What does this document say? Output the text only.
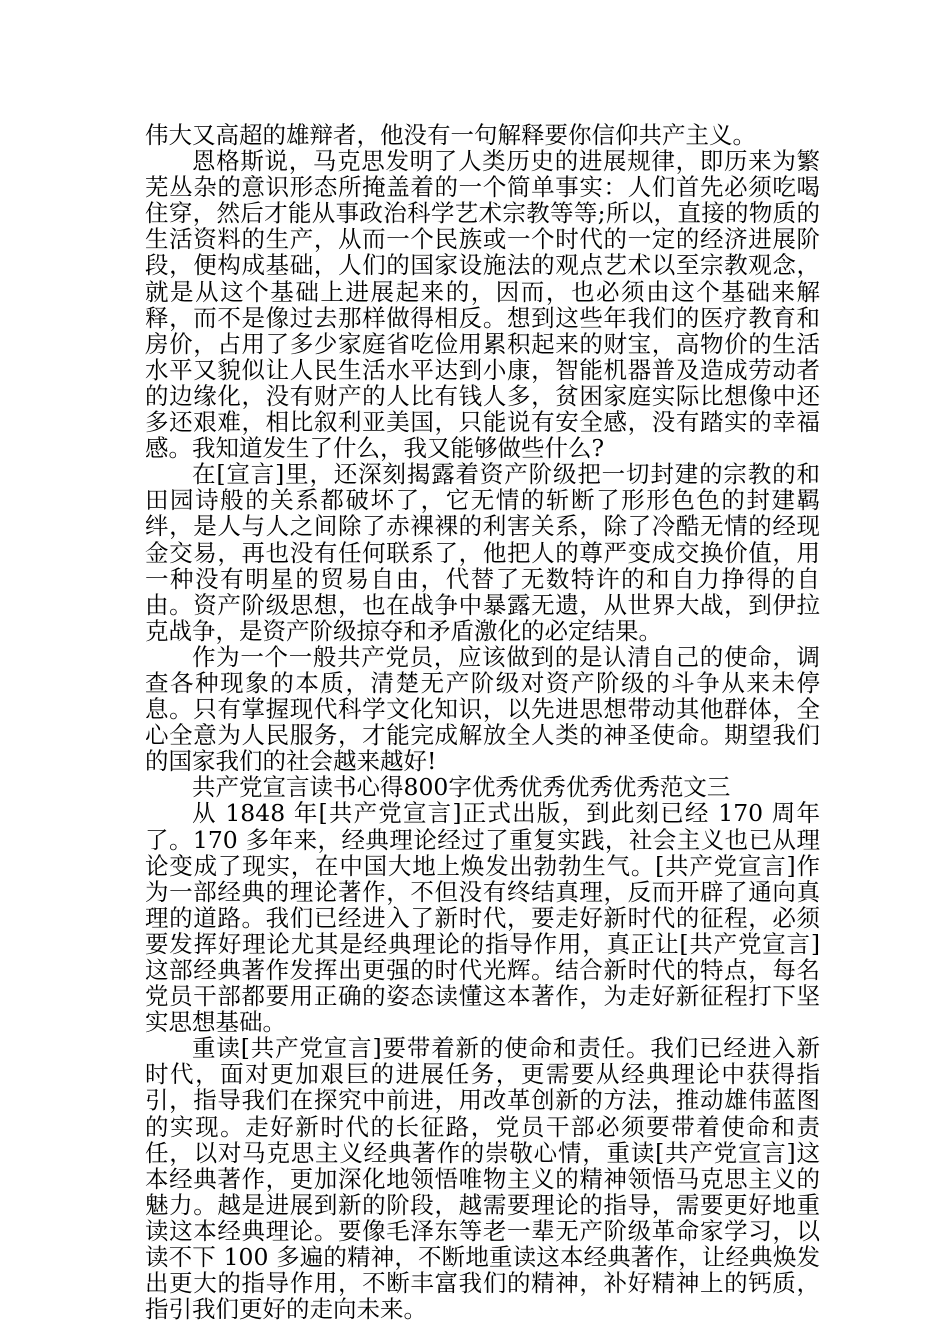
伟大又高超的雄辩者，他没有一句解释要你信仰共产主义。

恩格斯说，马克思发明了人类历史的进展规律，即历来为繁芜丛杂的意识形态所掩盖着的一个简单事实：人们首先必须吃喝住穿，然后才能从事政治科学艺术宗教等等;所以，直接的物质的生活资料的生产，从而一个民族或一个时代的一定的经济进展阶段，便构成基础，人们的国家设施法的观点艺术以至宗教观念，就是从这个基础上进展起来的，因而，也必须由这个基础来解释，而不是像过去那样做得相反。想到这些年我们的医疗教育和房价，占用了多少家庭省吃俭用累积起来的财宝，高物价的生活水平又貌似让人民生活水平达到小康，智能机器普及造成劳动者的边缘化，没有财产的人比有钱人多，贫困家庭实际比想像中还多还艰难，相比叙利亚美国，只能说有安全感，没有踏实的幸福感。我知道发生了什么，我又能够做些什么?

在[宣言]里，还深刻揭露着资产阶级把一切封建的宗教的和田园诗般的关系都破坏了，它无情的斩断了形形色色的封建羁绊，是人与人之间除了赤裸裸的利害关系，除了冷酷无情的经现金交易，再也没有任何联系了，他把人的尊严变成交换价值，用一种没有明星的贸易自由，代替了无数特许的和自力挣得的自由。资产阶级思想，也在战争中暴露无遗，从世界大战，到伊拉克战争，是资产阶级掠夺和矛盾激化的必定结果。

作为一个一般共产党员，应该做到的是认清自己的使命，调查各种现象的本质，清楚无产阶级对资产阶级的斗争从来未停息。只有掌握现代科学文化知识，以先进思想带动其他群体，全心全意为人民服务，才能完成解放全人类的神圣使命。期望我们的国家我们的社会越来越好!

共产党宣言读书心得800字优秀优秀优秀优秀范文三

从 1848 年[共产党宣言]正式出版，到此刻已经 170 周年了。170 多年来，经典理论经过了重复实践，社会主义也已从理论变成了现实，在中国大地上焕发出勃勃生气。[共产党宣言]作为一部经典的理论著作，不但没有终结真理，反而开辟了通向真理的道路。我们已经进入了新时代，要走好新时代的征程，必须要发挥好理论尤其是经典理论的指导作用，真正让[共产党宣言]这部经典著作发挥出更强的时代光辉。结合新时代的特点，每名党员干部都要用正确的姿态读懂这本著作，为走好新征程打下坚实思想基础。

重读[共产党宣言]要带着新的使命和责任。我们已经进入新时代，面对更加艰巨的进展任务，更需要从经典理论中获得指引，指导我们在探究中前进，用改革创新的方法，推动雄伟蓝图的实现。走好新时代的长征路，党员干部必须要带着使命和责任，以对马克思主义经典著作的崇敬心情，重读[共产党宣言]这本经典著作，更加深化地领悟唯物主义的精神领悟马克思主义的魅力。越是进展到新的阶段，越需要理论的指导，需要更好地重读这本经典理论。要像毛泽东等老一辈无产阶级革命家学习，以读不下 100 多遍的精神，不断地重读这本经典著作，让经典焕发出更大的指导作用，不断丰富我们的精神，补好精神上的钙质，指引我们更好的走向未来。
